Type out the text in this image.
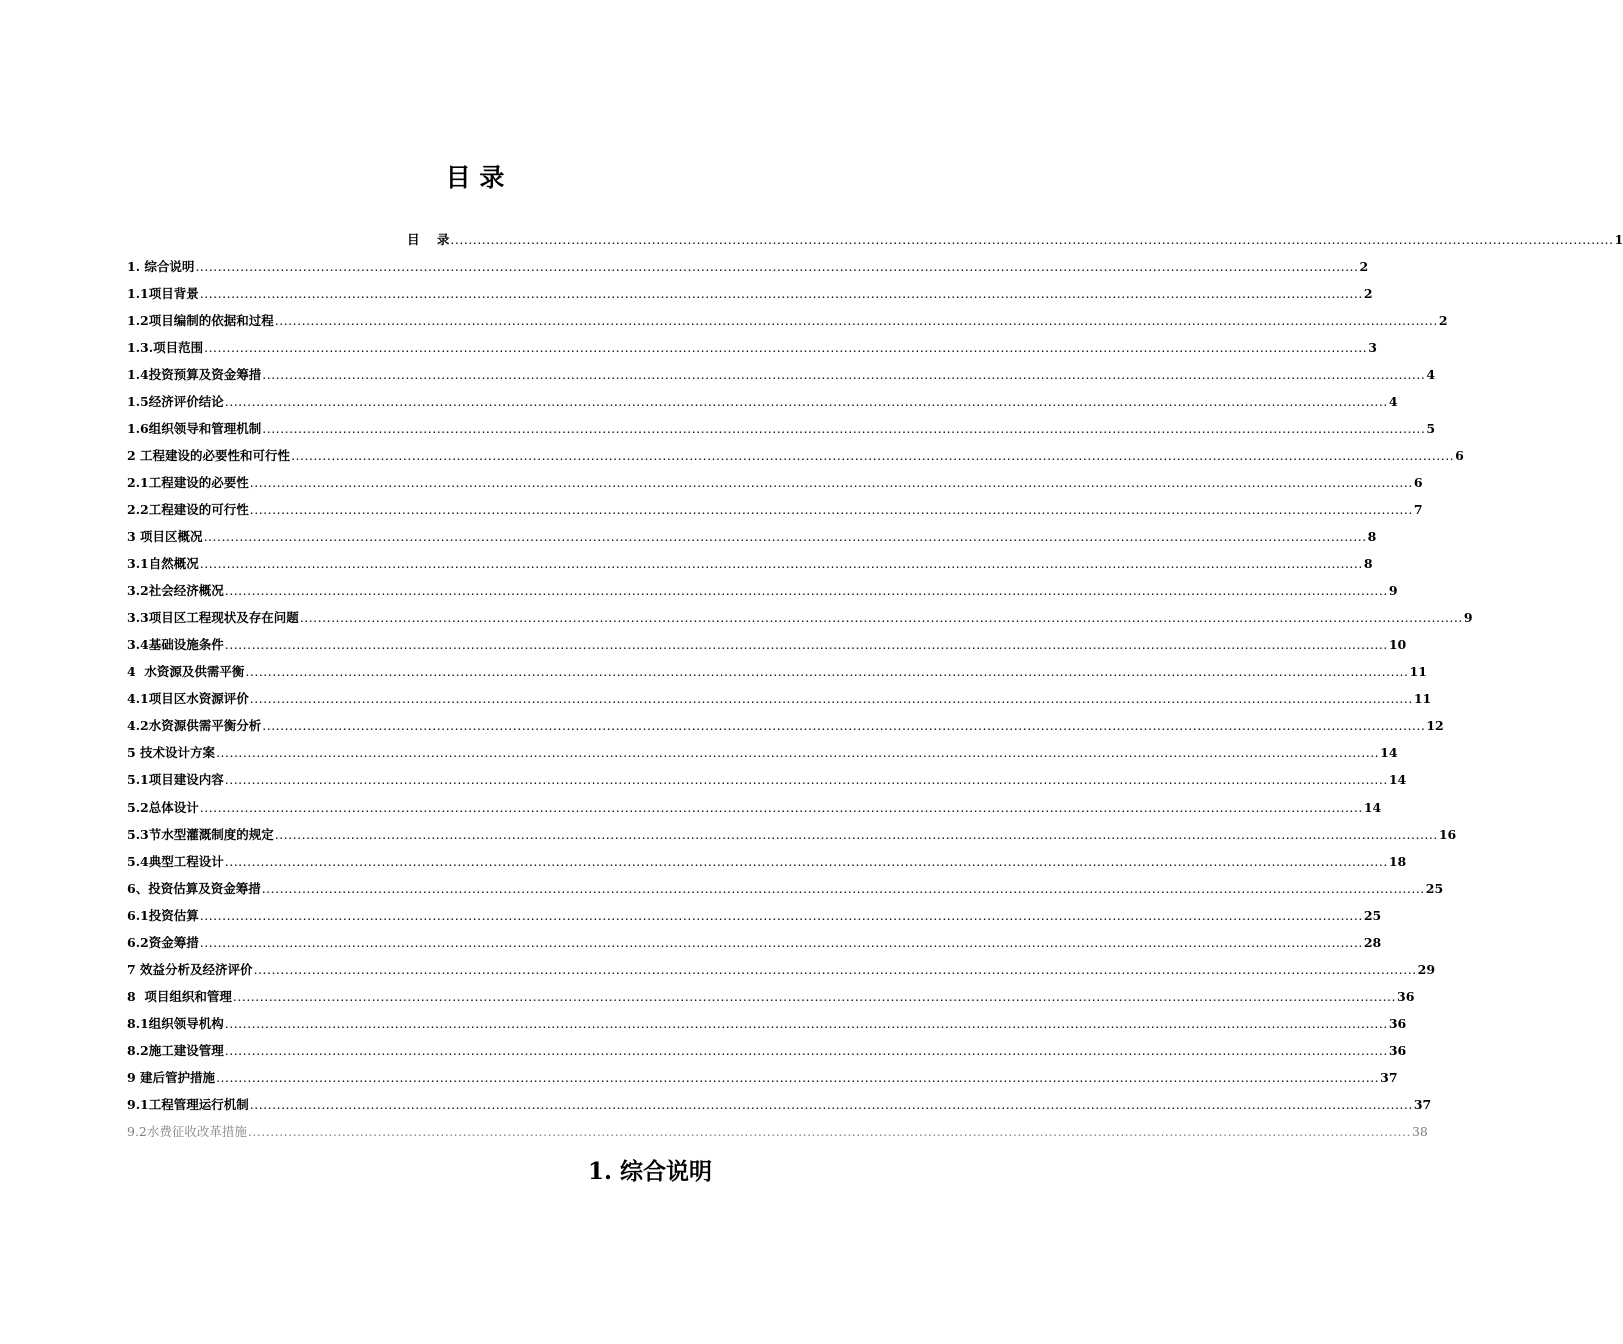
目 录
目    录 .................................................................................................................................................................................................................................................................... 1
1. 综合说明 .................................................................................................................................................................................................................................................................... 2
1.1项目背景 .................................................................................................................................................................................................................................................................... 2
1.2项目编制的依据和过程 .................................................................................................................................................................................................................................................................... 2
1.3.项目范围 .................................................................................................................................................................................................................................................................... 3
1.4投资预算及资金筹措 .................................................................................................................................................................................................................................................................... 4
1.5经济评价结论 .................................................................................................................................................................................................................................................................... 4
1.6组织领导和管理机制 .................................................................................................................................................................................................................................................................... 5
2 工程建设的必要性和可行性 .................................................................................................................................................................................................................................................................... 6
2.1工程建设的必要性 .................................................................................................................................................................................................................................................................... 6
2.2工程建设的可行性 .................................................................................................................................................................................................................................................................... 7
3 项目区概况 .................................................................................................................................................................................................................................................................... 8
3.1自然概况 .................................................................................................................................................................................................................................................................... 8
3.2社会经济概况 .................................................................................................................................................................................................................................................................... 9
3.3项目区工程现状及存在问题 .................................................................................................................................................................................................................................................................... 9
3.4基础设施条件 .................................................................................................................................................................................................................................................................... 10
4  水资源及供需平衡 .................................................................................................................................................................................................................................................................... 11
4.1项目区水资源评价 .................................................................................................................................................................................................................................................................... 11
4.2水资源供需平衡分析 .................................................................................................................................................................................................................................................................... 12
5 技术设计方案 .................................................................................................................................................................................................................................................................... 14
5.1项目建设内容 .................................................................................................................................................................................................................................................................... 14
5.2总体设计 .................................................................................................................................................................................................................................................................... 14
5.3节水型灌溉制度的规定 .................................................................................................................................................................................................................................................................... 16
5.4典型工程设计 .................................................................................................................................................................................................................................................................... 18
6、投资估算及资金筹措 .................................................................................................................................................................................................................................................................... 25
6.1投资估算 .................................................................................................................................................................................................................................................................... 25
6.2资金筹措 .................................................................................................................................................................................................................................................................... 28
7 效益分析及经济评价 .................................................................................................................................................................................................................................................................... 29
8  项目组织和管理 .................................................................................................................................................................................................................................................................... 36
8.1组织领导机构 .................................................................................................................................................................................................................................................................... 36
8.2施工建设管理 .................................................................................................................................................................................................................................................................... 36
9 建后管护措施 .................................................................................................................................................................................................................................................................... 37
9.1工程管理运行机制 .................................................................................................................................................................................................................................................................... 37
9.2水费征收改革措施 .................................................................................................................................................................................................................................................................... 38
1. 综合说明
